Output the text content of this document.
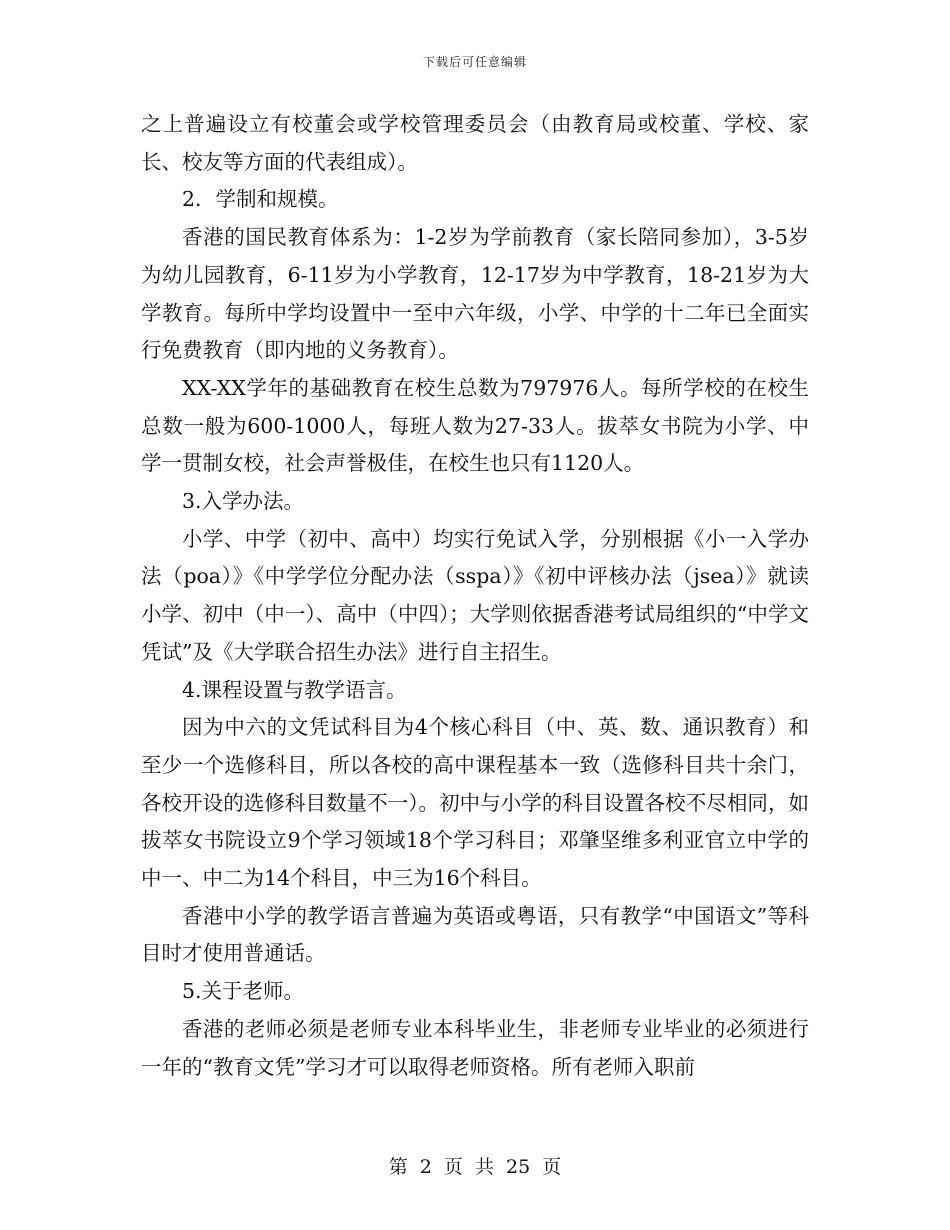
下载后可任意编辑

之上普遍设立有校董会或学校管理委员会（由教育局或校董、学校、家长、校友等方面的代表组成）。

2．学制和规模。

香港的国民教育体系为：1-2岁为学前教育（家长陪同参加），3-5岁为幼儿园教育，6-11岁为小学教育，12-17岁为中学教育，18-21岁为大学教育。每所中学均设置中一至中六年级，小学、中学的十二年已全面实行免费教育（即内地的义务教育）。

XX-XX学年的基础教育在校生总数为797976人。每所学校的在校生总数一般为600-1000人，每班人数为27-33人。拔萃女书院为小学、中学一贯制女校，社会声誉极佳，在校生也只有1120人。

3.入学办法。

小学、中学（初中、高中）均实行免试入学，分别根据《小一入学办法（poa）》《中学学位分配办法（sspa）》《初中评核办法（jsea）》就读小学、初中（中一）、高中（中四）；大学则依据香港考试局组织的“中学文凭试”及《大学联合招生办法》进行自主招生。

4.课程设置与教学语言。

因为中六的文凭试科目为4个核心科目（中、英、数、通识教育）和至少一个选修科目，所以各校的高中课程基本一致（选修科目共十余门，各校开设的选修科目数量不一）。初中与小学的科目设置各校不尽相同，如拔萃女书院设立9个学习领域18个学习科目；邓肇坚维多利亚官立中学的中一、中二为14个科目，中三为16个科目。

香港中小学的教学语言普遍为英语或粤语，只有教学“中国语文”等科目时才使用普通话。

5.关于老师。

香港的老师必须是老师专业本科毕业生，非老师专业毕业的必须进行一年的“教育文凭”学习才可以取得老师资格。所有老师入职前

第 2 页 共 25 页
